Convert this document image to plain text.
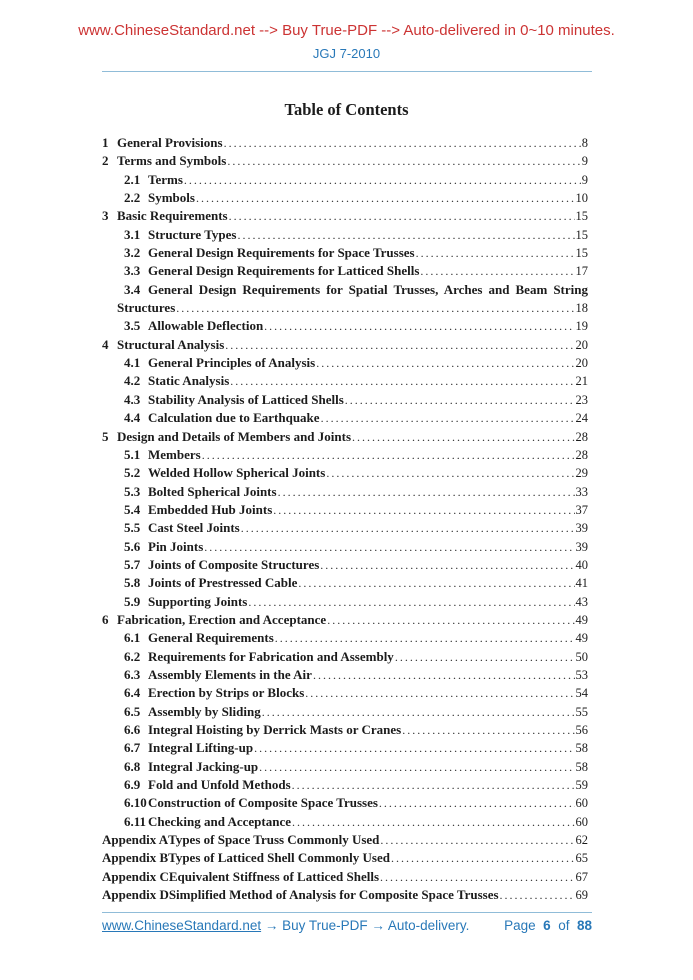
www.ChineseStandard.net --> Buy True-PDF --> Auto-delivered in 0~10 minutes.
JGJ 7-2010
Table of Contents
1 General Provisions .....	8
2 Terms and Symbols .....	9
2.1 Terms .....	9
2.2 Symbols .....	10
3 Basic Requirements .....	15
3.1 Structure Types .....	15
3.2 General Design Requirements for Space Trusses .....	15
3.3 General Design Requirements for Latticed Shells .....	17
3.4 General Design Requirements for Spatial Trusses, Arches and Beam String
Structures .....	18
3.5 Allowable Deflection .....	19
4 Structural Analysis .....	20
4.1 General Principles of Analysis .....	20
4.2 Static Analysis .....	21
4.3 Stability Analysis of Latticed Shells .....	23
4.4 Calculation due to Earthquake .....	24
5 Design and Details of Members and Joints .....	28
5.1 Members .....	28
5.2 Welded Hollow Spherical Joints .....	29
5.3 Bolted Spherical Joints .....	33
5.4 Embedded Hub Joints .....	37
5.5 Cast Steel Joints .....	39
5.6 Pin Joints .....	39
5.7 Joints of Composite Structures .....	40
5.8 Joints of Prestressed Cable .....	41
5.9 Supporting Joints .....	43
6 Fabrication, Erection and Acceptance .....	49
6.1 General Requirements .....	49
6.2 Requirements for Fabrication and Assembly .....	50
6.3 Assembly Elements in the Air .....	53
6.4 Erection by Strips or Blocks .....	54
6.5 Assembly by Sliding .....	55
6.6 Integral Hoisting by Derrick Masts or Cranes .....	56
6.7 Integral Lifting-up .....	58
6.8 Integral Jacking-up .....	58
6.9 Fold and Unfold Methods .....	59
6.10 Construction of Composite Space Trusses .....	60
6.11 Checking and Acceptance .....	60
Appendix A Types of Space Truss Commonly Used .....	62
Appendix B Types of Latticed Shell Commonly Used .....	65
Appendix C Equivalent Stiffness of Latticed Shells .....	67
Appendix D Simplified Method of Analysis for Composite Space Trusses .....	69
www.ChineseStandard.net → Buy True-PDF → Auto-delivery.	Page 6 of 88
